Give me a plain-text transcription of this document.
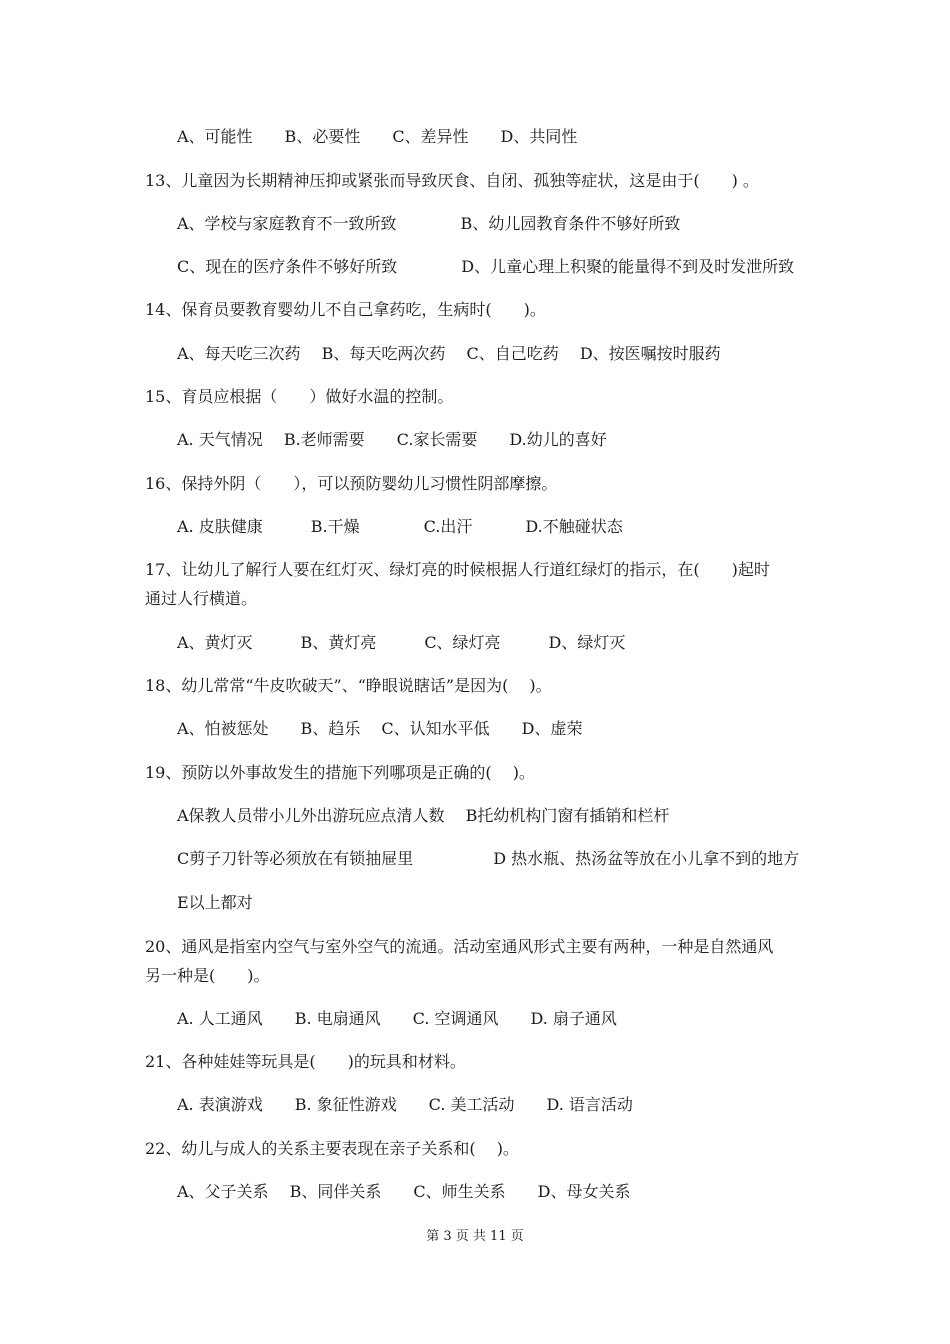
A、可能性　　B、必要性　　C、差异性　　D、共同性
13、儿童因为长期精神压抑或紧张而导致厌食、自闭、孤独等症状，这是由于(　　) 。
A、学校与家庭教育不一致所致　　　　B、幼儿园教育条件不够好所致
C、现在的医疗条件不够好所致　　　　D、儿童心理上积聚的能量得不到及时发泄所致
14、保育员要教育婴幼儿不自己拿药吃，生病时(　　)。
A、每天吃三次药　 B、每天吃两次药　 C、自己吃药　 D、按医嘱按时服药
15、育员应根据（　　）做好水温的控制。
A. 天气情况　 B.老师需要　　C.家长需要　　D.幼儿的喜好
16、保持外阴（　　），可以预防婴幼儿习惯性阴部摩擦。
A. 皮肤健康　　　B.干燥　　　　C.出汗　　　 D.不触碰状态
17、让幼儿了解行人要在红灯灭、绿灯亮的时候根据人行道红绿灯的指示，在(　　)起时
通过人行横道。
A、黄灯灭　　　B、黄灯亮　　　C、绿灯亮　　　D、绿灯灭
18、幼儿常常“牛皮吹破天”、“睁眼说瞎话”是因为(　 )。
A、怕被惩处　　B、趋乐　 C、认知水平低　　D、虚荣
19、预防以外事故发生的措施下列哪项是正确的(　 )。
A保教人员带小儿外出游玩应点清人数　 B托幼机构门窗有插销和栏杆
C剪子刀针等必须放在有锁抽屉里　　　　　D 热水瓶、热汤盆等放在小儿拿不到的地方
E以上都对
20、通风是指室内空气与室外空气的流通。活动室通风形式主要有两种，一种是自然通风
另一种是(　　)。
A. 人工通风　　B. 电扇通风　　C. 空调通风　　D. 扇子通风
21、各种娃娃等玩具是(　　)的玩具和材料。
A. 表演游戏　　B. 象征性游戏　　C. 美工活动　　D. 语言活动
22、幼儿与成人的关系主要表现在亲子关系和(　 )。
A、父子关系　 B、同伴关系　　C、师生关系　　D、母女关系
第 3 页 共 11 页
